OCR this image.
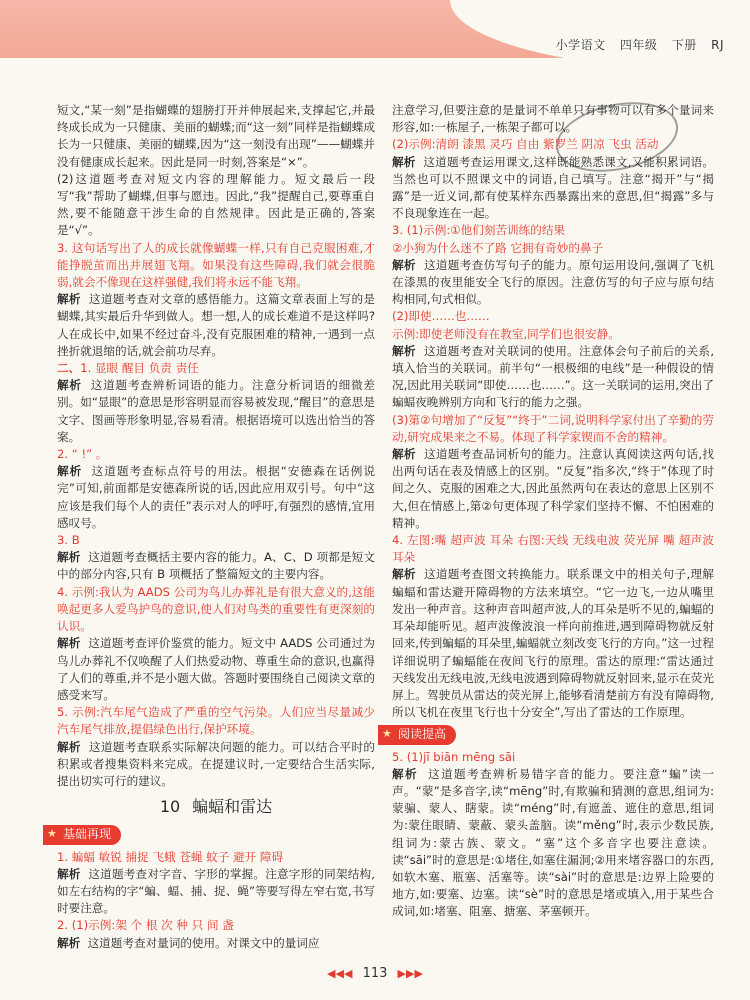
小学语文 四年级 下册 RJ

短文,“某一刻”是指蝴蝶的翅膀打开并伸展起来,支撑起它,并最终成长成为一只健康、美丽的蝴蝶;而“这一刻”同样是指蝴蝶成长为一只健康、美丽的蝴蝶,因为“这一刻没有出现”——蝴蝶并没有健康成长起来。因此是同一时刻,答案是“×”。

(2)这道题考查对短文内容的理解能力。短文最后一段写“我”帮助了蝴蝶,但事与愿违。因此,“我”提醒自己,要尊重自然,要不能随意干涉生命的自然规律。因此是正确的,答案是“√”。

3. 这句话写出了人的成长就像蝴蝶一样,只有自己克服困难,才能挣脱茧而出并展翅飞翔。如果没有这些障碍,我们就会很脆弱,就会不像现在这样强健,我们将永远不能飞翔。

解析 这道题考查对文章的感悟能力。这篇文章表面上写的是蝴蝶,其实最后升华到做人。想一想,人的成长难道不是这样吗?人在成长中,如果不经过奋斗,没有克服困难的精神,一遇到一点挫折就退缩的话,就会前功尽弃。

二、1. 显眼 醒目 负责 责任

解析 这道题考查辨析词语的能力。注意分析词语的细微差别。如“显眼”的意思是形容明显而容易被发现,“醒目”的意思是文字、图画等形象明显,容易看清。根据语境可以选出恰当的答案。

2. “ !” 。

解析 这道题考查标点符号的用法。根据“安德森在话例说完”可知,前面都是安德森所说的话,因此应用双引号。句中“这应该是我们每个人的责任”表示对人的呼吁,有强烈的感情,宜用感叹号。

3. B

解析 这道题考查概括主要内容的能力。A、C、D 项都是短文中的部分内容,只有 B 项概括了整篇短文的主要内容。

4. 示例:我认为 AADS 公司为鸟儿办葬礼是有很大意义的,这能唤起更多人爱鸟护鸟的意识,使人们对鸟类的重要性有更深刻的认识。

解析 这道题考查评价鉴赏的能力。短文中 AADS 公司通过为鸟儿办葬礼不仅唤醒了人们热爱动物、尊重生命的意识,也赢得了人们的尊重,并不是小题大做。答题时要围绕自己阅读文章的感受来写。

5. 示例:汽车尾气造成了严重的空气污染。人们应当尽量减少汽车尾气排放,提倡绿色出行,保护环境。

解析 这道题考查联系实际解决问题的能力。可以结合平时的积累或者搜集资料来完成。在提建议时,一定要结合生活实际,提出切实可行的建议。

10 蝙蝠和雷达
★ 基础再现

1. 蝙蝠 敏锐 捕捉 飞蛾 苍蝇 蚊子 避开 障碍

解析 这道题考查对字音、字形的掌握。注意字形的同架结构,如左右结构的字“蝙、蝠、捕、捉、蝇”等要写得左窄右宽,书写时要注意。

2. (1)示例:架 个 根 次 种 只 间 盏

解析 这道题考查对量词的使用。对课文中的量词应

注意学习,但要注意的是量词不单单只有事物可以有多个量词来形容,如:一栋屋子,一栋架子都可以。

(2)示例:清朗 漆黑 灵巧 自由 紫罗兰 阴凉 飞虫 活动

解析 这道题考查运用课文,这样既能熟悉课文,又能积累词语。当然也可以不照课文中的词语,自己填写。注意“揭开”与“揭露”是一近义词,都有使某样东西暴露出来的意思,但“揭露”多与不良现象连在一起。

3. (1)示例:①他们刻苦训练的结果

②小狗为什么迷不了路 它拥有奇妙的鼻子

解析 这道题考查仿写句子的能力。原句运用设问,强调了飞机在漆黑的夜里能安全飞行的原因。注意仿写的句子应与原句结构相同,句式相似。

(2)即使……也……

示例:即使老师没有在教室,同学们也很安静。

解析 这道题考查对关联词的使用。注意体会句子前后的关系,填入恰当的关联词。前半句“一根极细的电线”是一种假设的情况,因此用关联词“即使……也……”。这一关联词的运用,突出了蝙蝠夜晚辨别方向和飞行的能力之强。

(3)第②句增加了“反复”“终于”二词,说明科学家付出了辛勤的劳动,研究成果来之不易。体现了科学家锲而不舍的精神。

解析 这道题考查品词析句的能力。注意认真阅读这两句话,找出两句话在表及情感上的区别。“反复”指多次,“终于”体现了时间之久、克服的困难之大,因此虽然两句在表达的意思上区别不大,但在情感上,第②句更体现了科学家们坚持不懈、不怕困难的精神。

4. 左图:嘴 超声波 耳朵 右图:天线 无线电波 荧光屏 嘴 超声波 耳朵

解析 这道题考查图文转换能力。联系课文中的相关句子,理解蝙蝠和雷达避开障碍物的方法来填空。“它一边飞,一边从嘴里发出一种声音。这种声音叫超声波,人的耳朵是听不见的,蝙蝠的耳朵却能听见。超声波像波浪一样向前推进,遇到障碍物就反射回来,传到蝙蝠的耳朵里,蝙蝠就立刻改变飞行的方向。”这一过程详细说明了蝙蝠能在夜间飞行的原理。雷达的原理:“雷达通过天线发出无线电波,无线电波遇到障碍物就反射回来,显示在荧光屏上。驾驶员从雷达的荧光屏上,能够看清楚前方有没有障碍物,所以飞机在夜里飞行也十分安全”,写出了雷达的工作原理。

★ 阅读提高

5. (1)jī biān mēng sāi

解析 这道题考查辨析易错字音的能力。要注意“蝙”读一声。“蒙”是多音字,读“mēng”时,有欺骗和猜测的意思,组词为:蒙骗、蒙人、瞎蒙。读“méng”时,有遮盖、遮住的意思,组词为:蒙住眼睛、蒙蔽、蒙头盖脑。读“měng”时,表示少数民族,组词为:蒙古族、蒙文。“塞”这个多音字也要注意读。读“sāi”时的意思是:①堵住,如塞住漏洞;②用来堵容器口的东西,如软木塞、瓶塞、活塞等。读“sài”时的意思是:边界上险要的地方,如:要塞、边塞。读“sè”时的意思是堵或填入,用于某些合成词,如:堵塞、阻塞、搪塞、茅塞顿开。

◀◀◀ 113 ▶▶▶
